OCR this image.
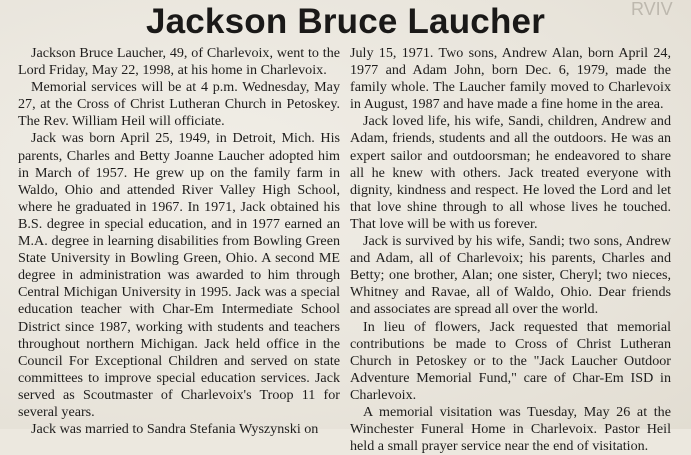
RVIV
Jackson Bruce Laucher

Jackson Bruce Laucher, 49, of Charlevoix, went to the Lord Friday, May 22, 1998, at his home in Charlevoix.

Memorial services will be at 4 p.m. Wednesday, May 27, at the Cross of Christ Lutheran Church in Petoskey. The Rev. William Heil will officiate.

Jack was born April 25, 1949, in Detroit, Mich. His parents, Charles and Betty Joanne Laucher adopted him in March of 1957. He grew up on the family farm in Waldo, Ohio and attended River Valley High School, where he graduated in 1967. In 1971, Jack obtained his B.S. degree in special education, and in 1977 earned an M.A. degree in learning disabilities from Bowling Green State University in Bowling Green, Ohio. A second ME degree in administration was awarded to him through Central Michigan University in 1995. Jack was a special education teacher with Char-Em Intermediate School District since 1987, working with students and teachers throughout northern Michigan. Jack held office in the Council For Exceptional Children and served on state committees to improve special education services. Jack served as Scoutmaster of Charlevoix's Troop 11 for several years.

Jack was married to Sandra Stefania Wyszynski on

July 15, 1971. Two sons, Andrew Alan, born April 24, 1977 and Adam John, born Dec. 6, 1979, made the family whole. The Laucher family moved to Charlevoix in August, 1987 and have made a fine home in the area.

Jack loved life, his wife, Sandi, children, Andrew and Adam, friends, students and all the outdoors. He was an expert sailor and outdoorsman; he endeavored to share all he knew with others. Jack treated everyone with dignity, kindness and respect. He loved the Lord and let that love shine through to all whose lives he touched. That love will be with us forever.

Jack is survived by his wife, Sandi; two sons, Andrew and Adam, all of Charlevoix; his parents, Charles and Betty; one brother, Alan; one sister, Cheryl; two nieces, Whitney and Ravae, all of Waldo, Ohio. Dear friends and associates are spread all over the world.

In lieu of flowers, Jack requested that memorial contributions be made to Cross of Christ Lutheran Church in Petoskey or to the "Jack Laucher Outdoor Adventure Memorial Fund," care of Char-Em ISD in Charlevoix.

A memorial visitation was Tuesday, May 26 at the Winchester Funeral Home in Charlevoix. Pastor Heil held a small prayer service near the end of visitation.
